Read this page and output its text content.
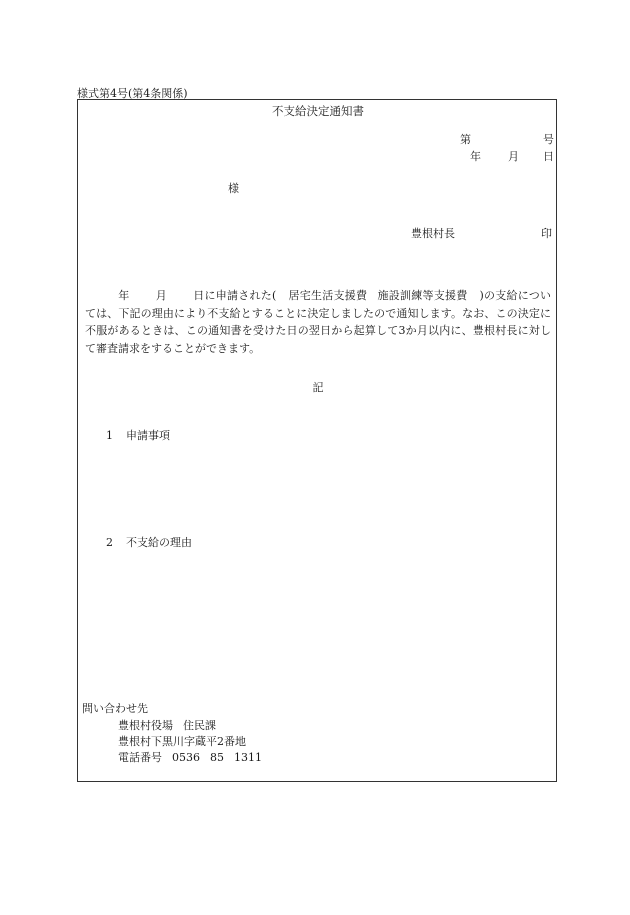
様式第4号(第4条関係)
不支給決定通知書
第	号
年 月 日
様
豊根村長	印
年 月 日に申請された( 居宅生活支援費 施設訓練等支援費 )の支給については、下記の理由により不支給とすることに決定しましたので通知します。なお、この決定に不服があるときは、この通知書を受けた日の翌日から起算して3か月以内に、豊根村長に対して審査請求をすることができます。
記
1 申請事項
2 不支給の理由
問い合わせ先
豊根村役場 住民課
豊根村下黒川字蔵平2番地
電話番号 0536 85 1311
